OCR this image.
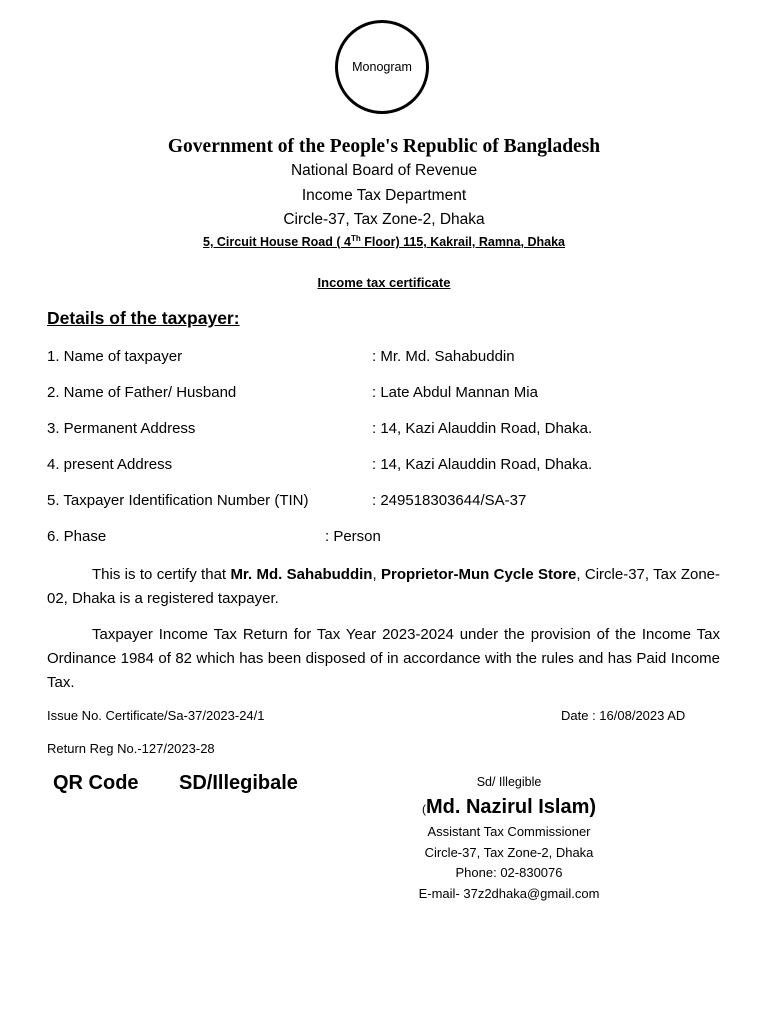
Monogram
Government of the People's Republic of Bangladesh
National Board of Revenue
Income Tax Department
Circle-37, Tax Zone-2, Dhaka
5, Circuit House Road ( 4Th Floor) 115, Kakrail, Ramna, Dhaka
Income tax certificate
Details of the taxpayer:
1. Name of taxpayer	: Mr. Md. Sahabuddin
2. Name of Father/ Husband	: Late Abdul Mannan Mia
3. Permanent Address	: 14, Kazi Alauddin Road, Dhaka.
4. present Address	: 14, Kazi Alauddin Road, Dhaka.
5. Taxpayer Identification Number (TIN)	: 249518303644/SA-37
6. Phase	: Person
This is to certify that Mr. Md. Sahabuddin, Proprietor-Mun Cycle Store, Circle-37, Tax Zone-02, Dhaka is a registered taxpayer.
Taxpayer Income Tax Return for Tax Year 2023-2024 under the provision of the Income Tax Ordinance 1984 of 82 which has been disposed of in accordance with the rules and has Paid Income Tax.
Issue No. Certificate/Sa-37/2023-24/1	Date : 16/08/2023 AD
Return Reg No.-127/2023-28
QR Code SD/Illegibale	Sd/ Illegible
(Md. Nazirul Islam)
Assistant Tax Commissioner
Circle-37, Tax Zone-2, Dhaka
Phone: 02-830076
E-mail- 37z2dhaka@gmail.com
